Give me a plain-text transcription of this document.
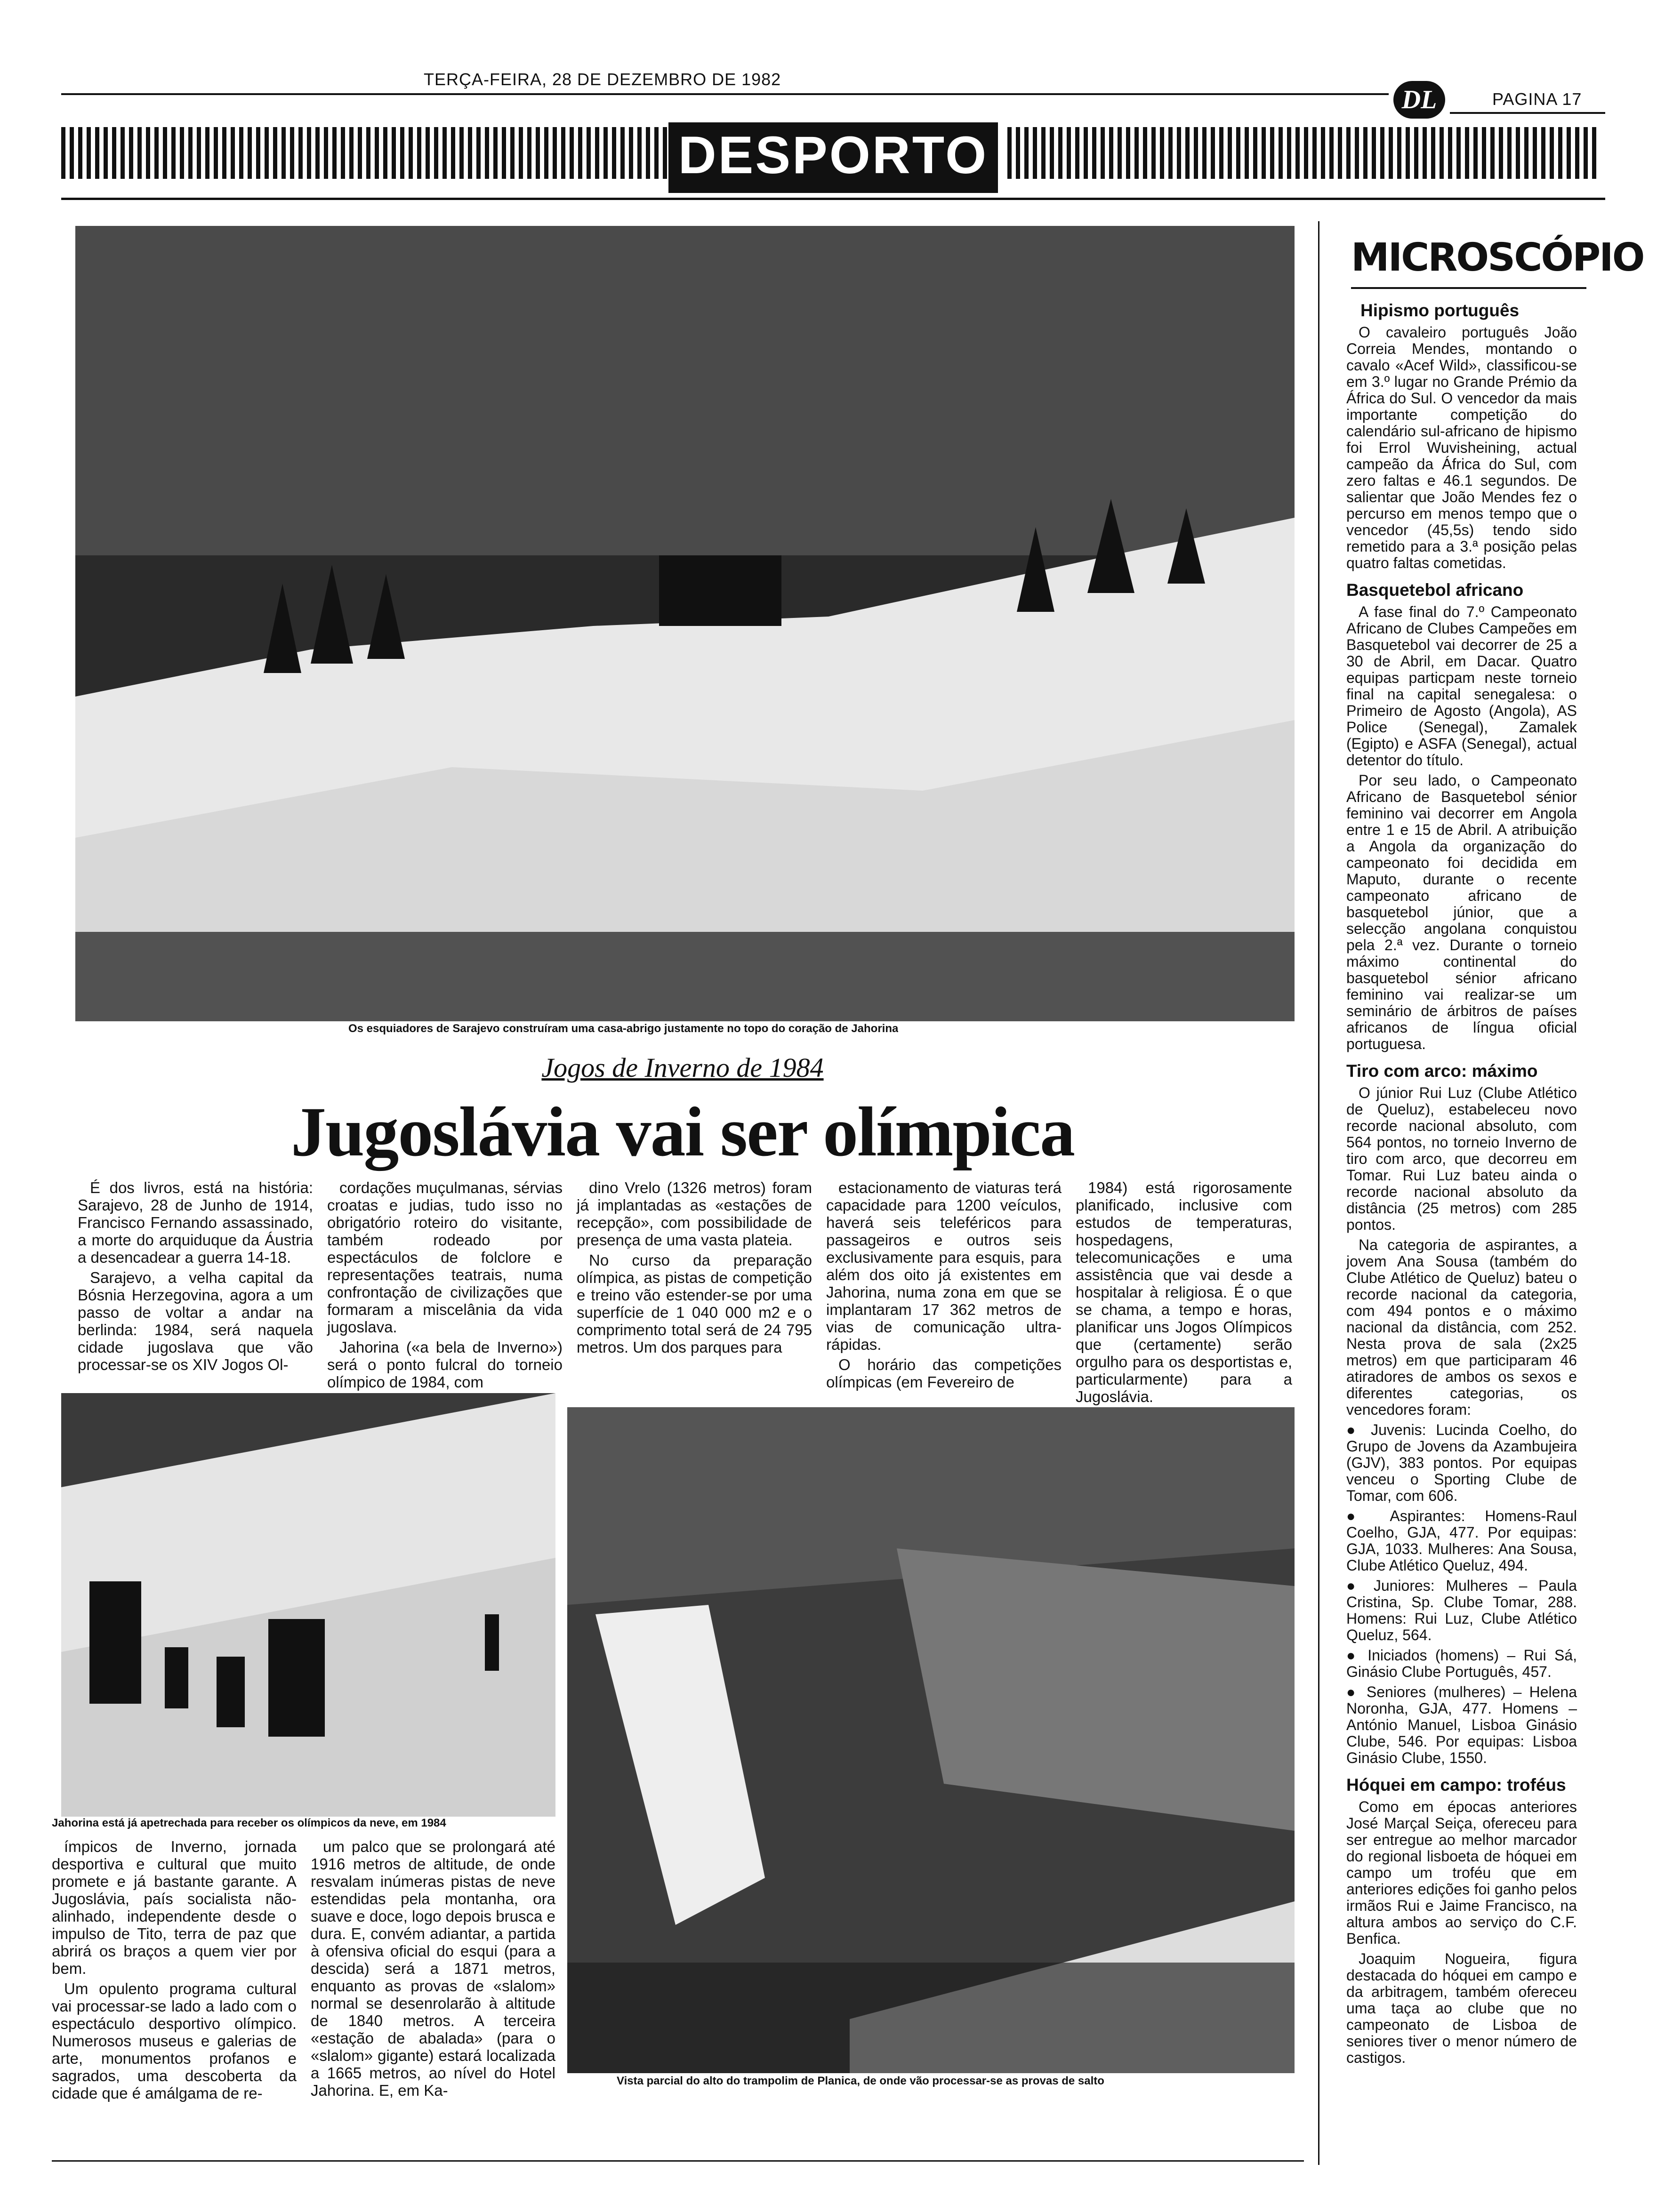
TERÇA-FEIRA, 28 DE DEZEMBRO DE 1982
DL	PAGINA 17
DESPORTO
Os esquiadores de Sarajevo construíram uma casa-abrigo justamente no topo do coração de Jahorina
Jogos de Inverno de 1984
Jugoslávia vai ser olímpica

É dos livros, está na história: Sarajevo, 28 de Junho de 1914, Francisco Fernando assassinado, a morte do arquiduque da Áustria a desencadear a guerra 14-18.

Sarajevo, a velha capital da Bósnia Herzegovina, agora a um passo de voltar a andar na berlinda: 1984, será naquela cidade jugoslava que vão processar-se os XIV Jogos Ol-

cordações muçulmanas, sérvias croatas e judias, tudo isso no obrigatório roteiro do visitante, também rodeado por espectáculos de folclore e representações teatrais, numa confrontação de civilizações que formaram a miscelânia da vida jugoslava.

Jahorina («a bela de Inverno») será o ponto fulcral do torneio olímpico de 1984, com

dino Vrelo (1326 metros) foram já implantadas as «estações de recepção», com possibilidade de presença de uma vasta plateia.

No curso da preparação olímpica, as pistas de competição e treino vão estender-se por uma superfície de 1 040 000 m2 e o comprimento total será de 24 795 metros. Um dos parques para

estacionamento de viaturas terá capacidade para 1200 veículos, haverá seis teleféricos para passageiros e outros seis exclusivamente para esquis, para além dos oito já existentes em Jahorina, numa zona em que se implantaram 17 362 metros de vias de comunicação ultra-rápidas.

O horário das competições olímpicas (em Fevereiro de

1984) está rigorosamente planificado, inclusive com estudos de temperaturas, hospedagens, telecomunicações e uma assistência que vai desde a hospitalar à religiosa. É o que se chama, a tempo e horas, planificar uns Jogos Olímpicos que (certamente) serão orgulho para os desportistas e, particularmente) para a Jugoslávia.

Jahorina está já apetrechada para receber os olímpicos da neve, em 1984
Vista parcial do alto do trampolim de Planica, de onde vão processar-se as provas de salto

ímpicos de Inverno, jornada desportiva e cultural que muito promete e já bastante garante. A Jugoslávia, país socialista não-alinhado, independente desde o impulso de Tito, terra de paz que abrirá os braços a quem vier por bem.

Um opulento programa cultural vai processar-se lado a lado com o espectáculo desportivo olímpico. Numerosos museus e galerias de arte, monumentos profanos e sagrados, uma descoberta da cidade que é amálgama de re-

um palco que se prolongará até 1916 metros de altitude, de onde resvalam inúmeras pistas de neve estendidas pela montanha, ora suave e doce, logo depois brusca e dura. E, convém adiantar, a partida à ofensiva oficial do esqui (para a descida) será a 1871 metros, enquanto as provas de «slalom» normal se desenrolarão à altitude de 1840 metros. A terceira «estação de abalada» (para o «slalom» gigante) estará localizada a 1665 metros, ao nível do Hotel Jahorina. E, em Ka-

MICROSCÓPIO
Hipismo português

O cavaleiro português João Correia Mendes, montando o cavalo «Acef Wild», classificou-se em 3.º lugar no Grande Prémio da África do Sul. O vencedor da mais importante competição do calendário sul-africano de hipismo foi Errol Wuvisheining, actual campeão da África do Sul, com zero faltas e 46.1 segundos. De salientar que João Mendes fez o percurso em menos tempo que o vencedor (45,5s) tendo sido remetido para a 3.ª posição pelas quatro faltas cometidas.

Basquetebol africano

A fase final do 7.º Campeonato Africano de Clubes Campeões em Basquetebol vai decorrer de 25 a 30 de Abril, em Dacar. Quatro equipas particpam neste torneio final na capital senegalesa: o Primeiro de Agosto (Angola), AS Police (Senegal), Zamalek (Egipto) e ASFA (Senegal), actual detentor do título.

Por seu lado, o Campeonato Africano de Basquetebol sénior feminino vai decorrer em Angola entre 1 e 15 de Abril. A atribuição a Angola da organização do campeonato foi decidida em Maputo, durante o recente campeonato africano de basquetebol júnior, que a selecção angolana conquistou pela 2.ª vez. Durante o torneio máximo continental do basquetebol sénior africano feminino vai realizar-se um seminário de árbitros de países africanos de língua oficial portuguesa.

Tiro com arco: máximo

O júnior Rui Luz (Clube Atlético de Queluz), estabeleceu novo recorde nacional absoluto, com 564 pontos, no torneio Inverno de tiro com arco, que decorreu em Tomar. Rui Luz bateu ainda o recorde nacional absoluto da distância (25 metros) com 285 pontos.

Na categoria de aspirantes, a jovem Ana Sousa (também do Clube Atlético de Queluz) bateu o recorde nacional da categoria, com 494 pontos e o máximo nacional da distância, com 252. Nesta prova de sala (2x25 metros) em que participaram 46 atiradores de ambos os sexos e diferentes categorias, os vencedores foram:

● Juvenis: Lucinda Coelho, do Grupo de Jovens da Azambujeira (GJV), 383 pontos. Por equipas venceu o Sporting Clube de Tomar, com 606.

● Aspirantes: Homens-Raul Coelho, GJA, 477. Por equipas: GJA, 1033. Mulheres: Ana Sousa, Clube Atlético Queluz, 494.

● Juniores: Mulheres – Paula Cristina, Sp. Clube Tomar, 288. Homens: Rui Luz, Clube Atlético Queluz, 564.

● Iniciados (homens) – Rui Sá, Ginásio Clube Português, 457.

● Seniores (mulheres) – Helena Noronha, GJA, 477. Homens – António Manuel, Lisboa Ginásio Clube, 546. Por equipas: Lisboa Ginásio Clube, 1550.

Hóquei em campo: troféus

Como em épocas anteriores José Marçal Seiça, ofereceu para ser entregue ao melhor marcador do regional lisboeta de hóquei em campo um troféu que em anteriores edições foi ganho pelos irmãos Rui e Jaime Francisco, na altura ambos ao serviço do C.F. Benfica.

Joaquim Nogueira, figura destacada do hóquei em campo e da arbitragem, também ofereceu uma taça ao clube que no campeonato de Lisboa de seniores tiver o menor número de castigos.
